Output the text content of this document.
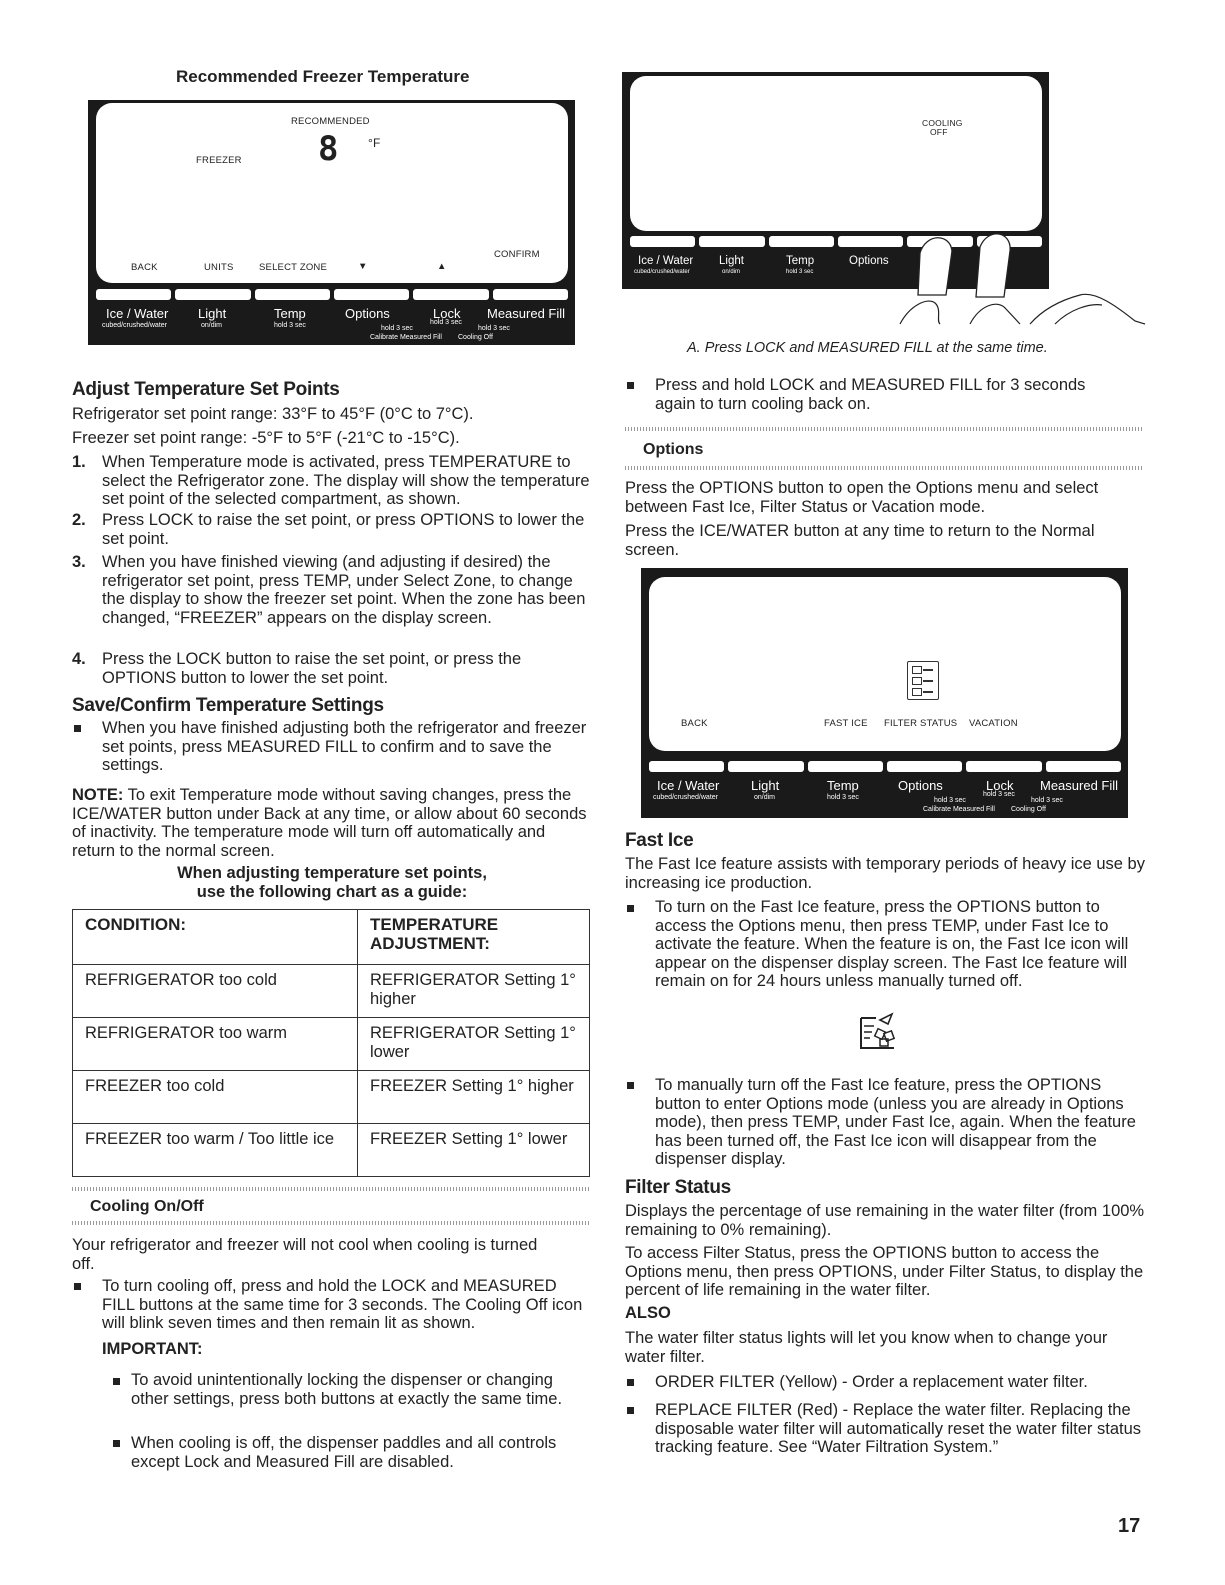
Recommended Freezer Temperature
RECOMMENDED
FREEZER 8 °F
CONFIRM
BACK	UNITS	SELECT ZONE	▼	▲
Ice / Water
cubed/crushed/water
Light
on/dim
Temp
hold 3 sec
Options	Lock Measured Fill
hold 3 sec
hold 3 sec
hold 3 sec
Calibrate Measured Fill Cooling Off
Adjust Temperature Set Points

Refrigerator set point range: 33°F to 45°F (0°C to 7°C).

Freezer set point range: -5°F to 5°F (-21°C to -15°C).

1. When Temperature mode is activated, press TEMPERATURE to select the Refrigerator zone. The display will show the temperature set point of the selected compartment, as shown.

2. Press LOCK to raise the set point, or press OPTIONS to lower the set point.

3. When you have finished viewing (and adjusting if desired) the refrigerator set point, press TEMP, under Select Zone, to change the display to show the freezer set point. When the zone has been changed, “FREEZER” appears on the display screen.

4. Press the LOCK button to raise the set point, or press the OPTIONS button to lower the set point.

Save/Confirm Temperature Settings

When you have finished adjusting both the refrigerator and freezer set points, press MEASURED FILL to confirm and to save the settings.

NOTE: To exit Temperature mode without saving changes, press the ICE/WATER button under Back at any time, or allow about 60 seconds of inactivity. The temperature mode will turn off automatically and return to the normal screen.

When adjusting temperature set points,
use the following chart as a guide:
CONDITION:	TEMPERATURE ADJUSTMENT:
REFRIGERATOR too cold	REFRIGERATOR Setting 1° higher
REFRIGERATOR too warm	REFRIGERATOR Setting 1° lower
FREEZER too cold	FREEZER Setting 1° higher
FREEZER too warm / Too little ice	FREEZER Setting 1° lower
Cooling On/Off

Your refrigerator and freezer will not cool when cooling is turned off.

To turn cooling off, press and hold the LOCK and MEASURED FILL buttons at the same time for 3 seconds. The Cooling Off icon will blink seven times and then remain lit as shown.

IMPORTANT:

To avoid unintentionally locking the dispenser or changing other settings, press both buttons at exactly the same time.

When cooling is off, the dispenser paddles and all controls except Lock and Measured Fill are disabled.

COOLING
OFF
Ice / Water
cubed/crushed/water
Light
on/dim
Temp
hold 3 sec
Options
A. Press LOCK and MEASURED FILL at the same time.

Press and hold LOCK and MEASURED FILL for 3 seconds again to turn cooling back on.

Options

Press the OPTIONS button to open the Options menu and select between Fast Ice, Filter Status or Vacation mode.

Press the ICE/WATER button at any time to return to the Normal screen.

BACK	FAST ICE FILTER STATUS VACATION
Ice / Water
cubed/crushed/water
Light
on/dim
Temp
hold 3 sec
Options	Lock Measured Fill
hold 3 sec
hold 3 sec
hold 3 sec
Calibrate Measured Fill Cooling Off
Fast Ice

The Fast Ice feature assists with temporary periods of heavy ice use by increasing ice production.

To turn on the Fast Ice feature, press the OPTIONS button to access the Options menu, then press TEMP, under Fast Ice to activate the feature. When the feature is on, the Fast Ice icon will appear on the dispenser display screen. The Fast Ice feature will remain on for 24 hours unless manually turned off.

To manually turn off the Fast Ice feature, press the OPTIONS button to enter Options mode (unless you are already in Options mode), then press TEMP, under Fast Ice, again. When the feature has been turned off, the Fast Ice icon will disappear from the dispenser display.

Filter Status

Displays the percentage of use remaining in the water filter (from 100% remaining to 0% remaining).

To access Filter Status, press the OPTIONS button to access the Options menu, then press OPTIONS, under Filter Status, to display the percent of life remaining in the water filter.

ALSO

The water filter status lights will let you know when to change your water filter.

ORDER FILTER (Yellow) - Order a replacement water filter.

REPLACE FILTER (Red) - Replace the water filter. Replacing the disposable water filter will automatically reset the water filter status tracking feature. See “Water Filtration System.”

17
